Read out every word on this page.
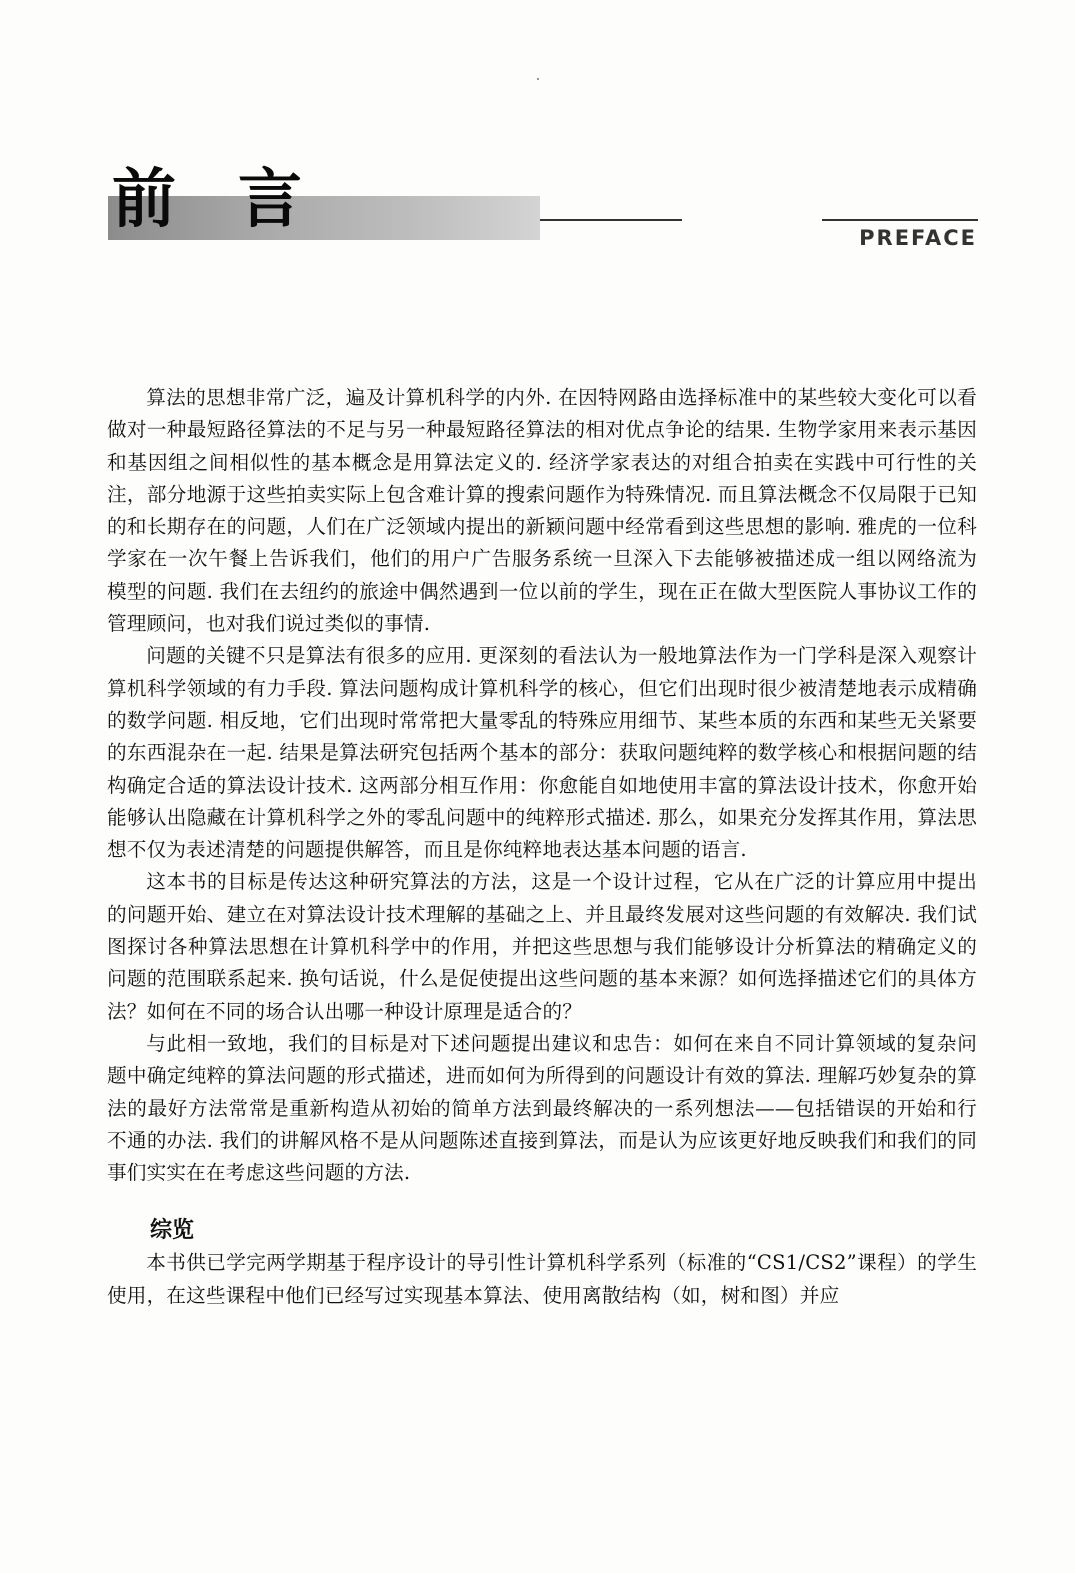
前言
PREFACE

算法的思想非常广泛，遍及计算机科学的内外. 在因特网路由选择标准中的某些较大变化可以看做对一种最短路径算法的不足与另一种最短路径算法的相对优点争论的结果. 生物学家用来表示基因和基因组之间相似性的基本概念是用算法定义的. 经济学家表达的对组合拍卖在实践中可行性的关注，部分地源于这些拍卖实际上包含难计算的搜索问题作为特殊情况. 而且算法概念不仅局限于已知的和长期存在的问题，人们在广泛领域内提出的新颖问题中经常看到这些思想的影响. 雅虎的一位科学家在一次午餐上告诉我们，他们的用户广告服务系统一旦深入下去能够被描述成一组以网络流为模型的问题. 我们在去纽约的旅途中偶然遇到一位以前的学生，现在正在做大型医院人事协议工作的管理顾问，也对我们说过类似的事情.

问题的关键不只是算法有很多的应用. 更深刻的看法认为一般地算法作为一门学科是深入观察计算机科学领域的有力手段. 算法问题构成计算机科学的核心，但它们出现时很少被清楚地表示成精确的数学问题. 相反地，它们出现时常常把大量零乱的特殊应用细节、某些本质的东西和某些无关紧要的东西混杂在一起. 结果是算法研究包括两个基本的部分：获取问题纯粹的数学核心和根据问题的结构确定合适的算法设计技术. 这两部分相互作用：你愈能自如地使用丰富的算法设计技术，你愈开始能够认出隐藏在计算机科学之外的零乱问题中的纯粹形式描述. 那么，如果充分发挥其作用，算法思想不仅为表述清楚的问题提供解答，而且是你纯粹地表达基本问题的语言.

这本书的目标是传达这种研究算法的方法，这是一个设计过程，它从在广泛的计算应用中提出的问题开始、建立在对算法设计技术理解的基础之上、并且最终发展对这些问题的有效解决. 我们试图探讨各种算法思想在计算机科学中的作用，并把这些思想与我们能够设计分析算法的精确定义的问题的范围联系起来. 换句话说，什么是促使提出这些问题的基本来源？如何选择描述它们的具体方法？如何在不同的场合认出哪一种设计原理是适合的？

与此相一致地，我们的目标是对下述问题提出建议和忠告：如何在来自不同计算领域的复杂问题中确定纯粹的算法问题的形式描述，进而如何为所得到的问题设计有效的算法. 理解巧妙复杂的算法的最好方法常常是重新构造从初始的简单方法到最终解决的一系列想法——包括错误的开始和行不通的办法. 我们的讲解风格不是从问题陈述直接到算法，而是认为应该更好地反映我们和我们的同事们实实在在考虑这些问题的方法.

综览

本书供已学完两学期基于程序设计的导引性计算机科学系列（标准的“CS1/CS2”课程）的学生使用，在这些课程中他们已经写过实现基本算法、使用离散结构（如，树和图）并应
